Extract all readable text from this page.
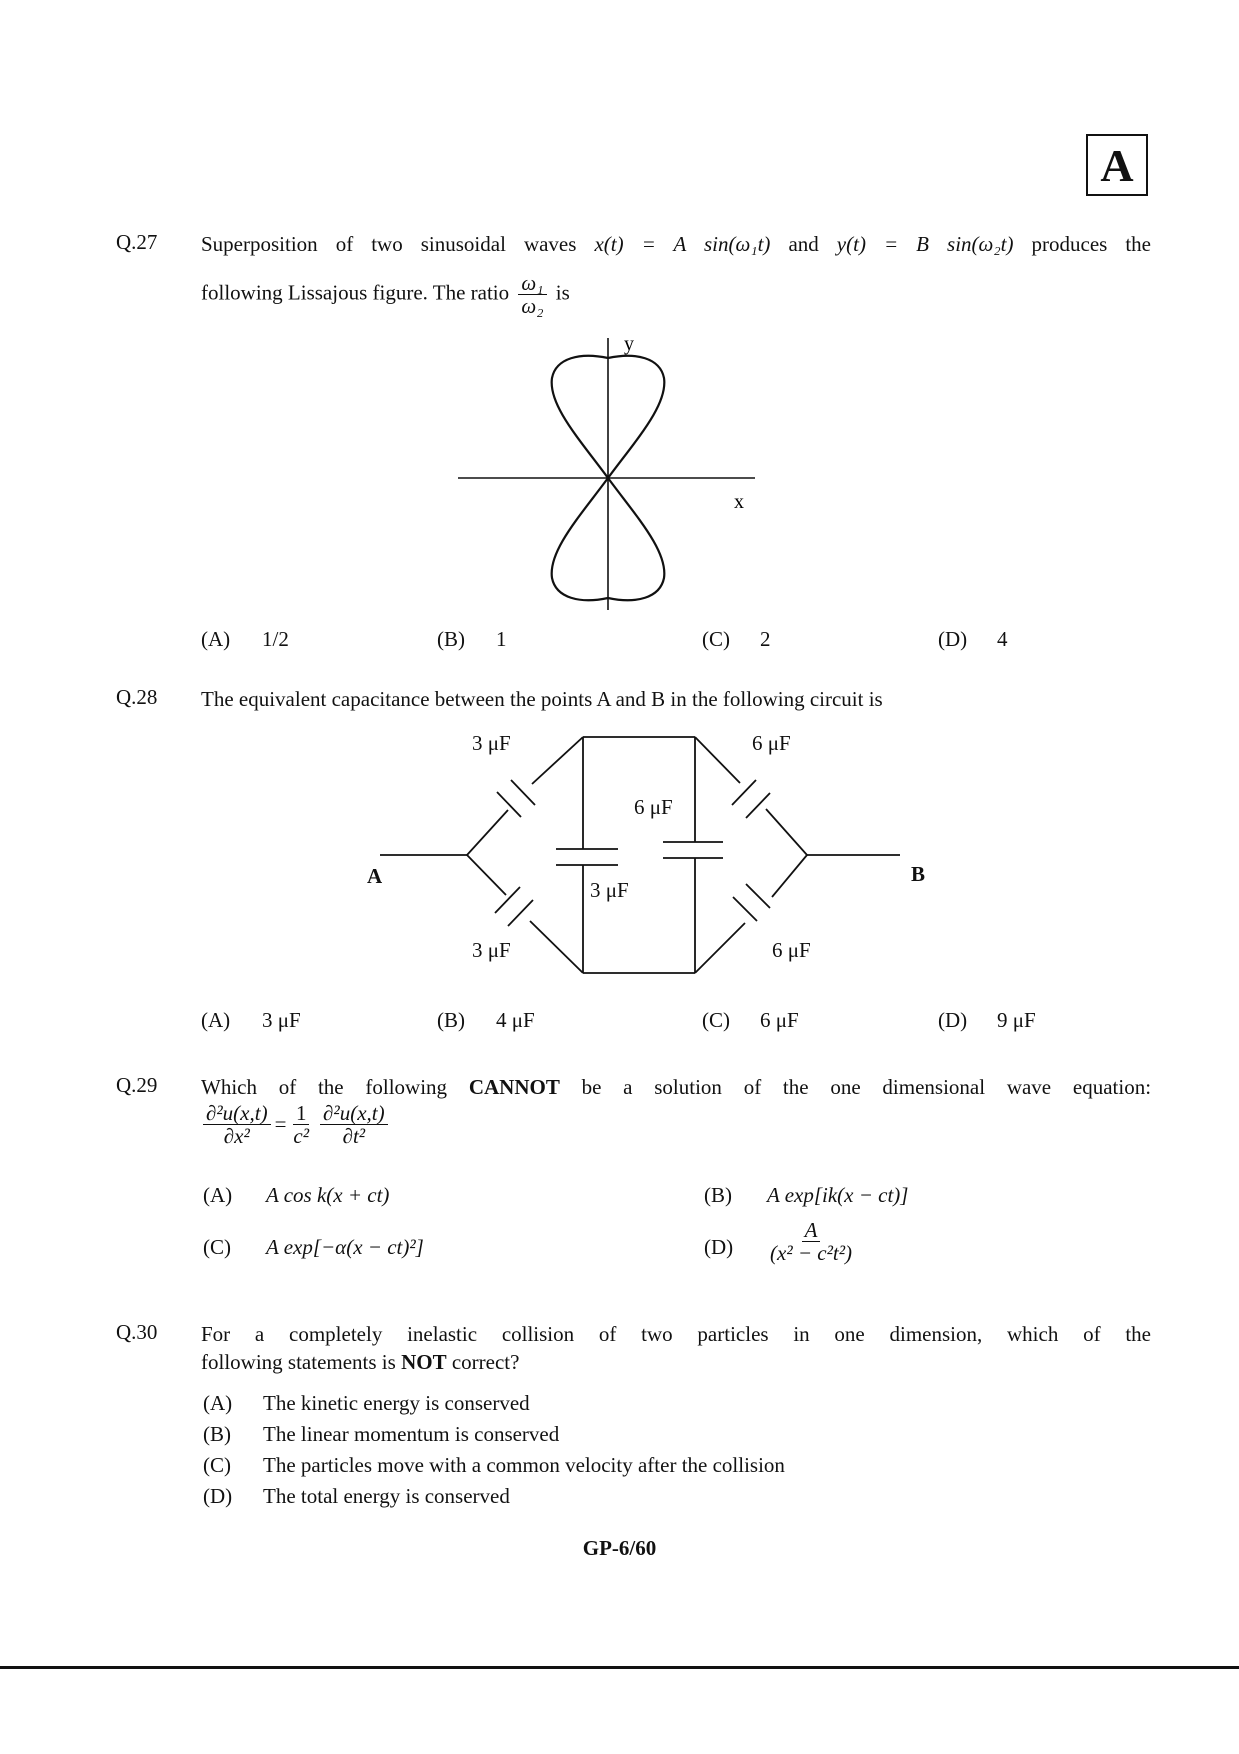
A
Q.27 Superposition of two sinusoidal waves x(t) = A sin(ω₁t) and y(t) = B sin(ω₂t) produces the
following Lissajous figure. The ratio $\frac{\text{ω₁}}{\text{ω₂}}$ is
y
x
(A) 1/2	(B) 1	(C) 2	(D) 4
Q.28 The equivalent capacitance between the points A and B in the following circuit is
3 μF	6 μF
6 μF
3 μF
3 μF	6 μF
A	B
(A) 3 μF	(B) 4 μF	(C) 6 μF	(D) 9 μF
Q.29 Which of the following CANNOT be a solution of the one dimensional wave equation:
$\frac{\text{∂²u(x,t)}}{\text{∂x²}} = \frac{1}{\text{c²}} \frac{\text{∂²u(x,t)}}{\text{∂t²}}$
(A) A cos k(x + ct)	(B) A exp[ik(x − ct)]
(C) A exp[−α(x − ct)²]	$(D) \frac{A}{\text{(x² − c²t²)}}$
Q.30 For a completely inelastic collision of two particles in one dimension, which of the
following statements is NOT correct?
(A) The kinetic energy is conserved
(B) The linear momentum is conserved
(C) The particles move with a common velocity after the collision
(D) The total energy is conserved
GP-6/60
